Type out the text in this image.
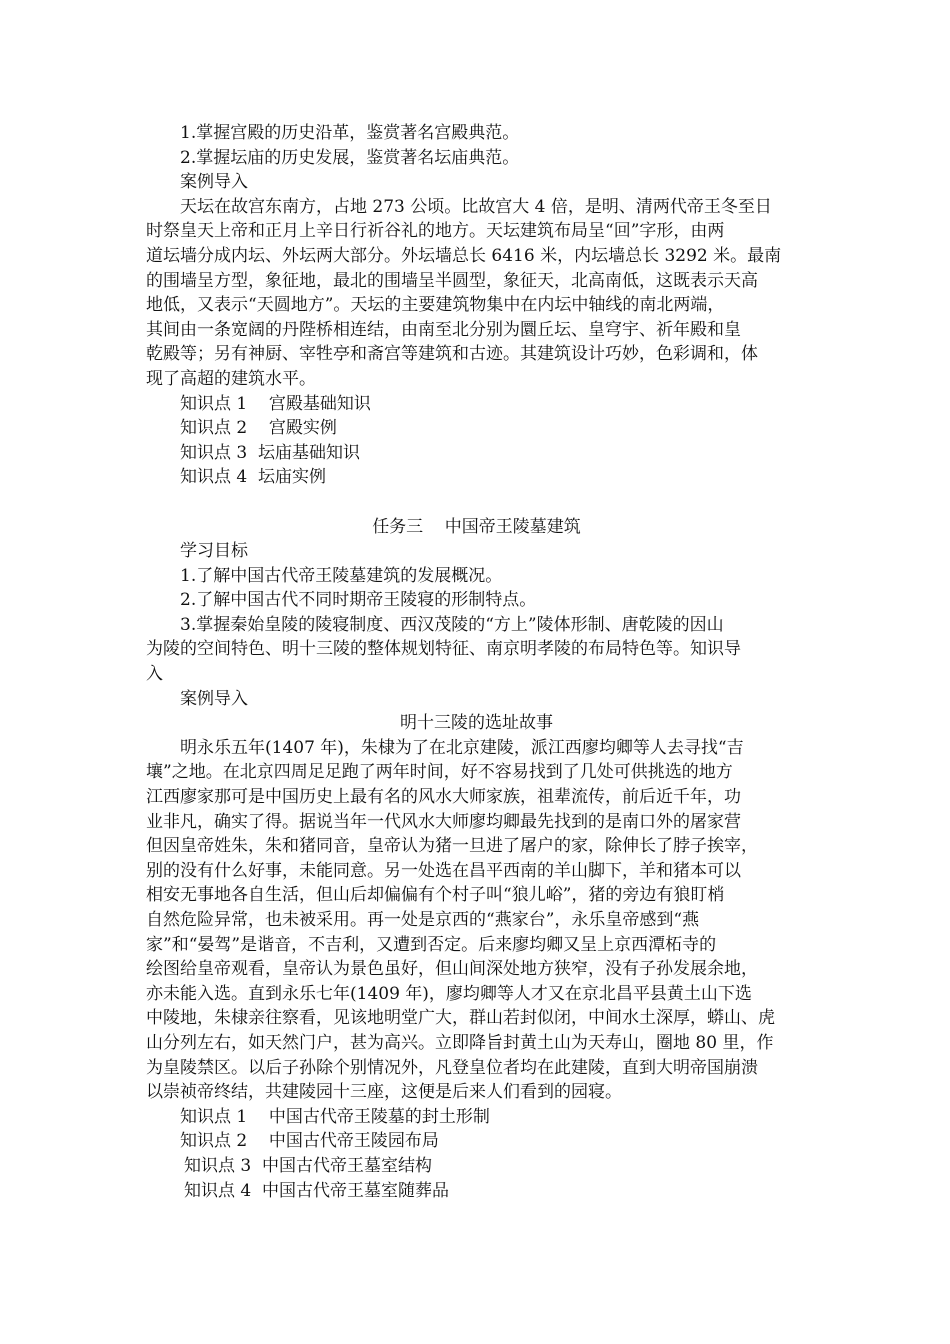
1.掌握宫殿的历史沿革，鉴赏著名宫殿典范。
2.掌握坛庙的历史发展，鉴赏著名坛庙典范。
案例导入
天坛在故宫东南方，占地 273 公顷。比故宫大 4 倍，是明、清两代帝王冬至日
时祭皇天上帝和正月上辛日行祈谷礼的地方。天坛建筑布局呈“回”字形，由两
道坛墙分成内坛、外坛两大部分。外坛墙总长 6416 米，内坛墙总长 3292 米。最南
的围墙呈方型，象征地，最北的围墙呈半圆型，象征天，北高南低，这既表示天高
地低，又表示“天圆地方”。天坛的主要建筑物集中在内坛中轴线的南北两端，
其间由一条宽阔的丹陛桥相连结，由南至北分别为圜丘坛、皇穹宇、祈年殿和皇
乾殿等；另有神厨、宰牲亭和斋宫等建筑和古迹。其建筑设计巧妙，色彩调和，体
现了高超的建筑水平。
知识点 1    宫殿基础知识
知识点 2    宫殿实例
知识点 3  坛庙基础知识
知识点 4  坛庙实例
任务三    中国帝王陵墓建筑
学习目标
1.了解中国古代帝王陵墓建筑的发展概况。
2.了解中国古代不同时期帝王陵寝的形制特点。
3.掌握秦始皇陵的陵寝制度、西汉茂陵的“方上”陵体形制、唐乾陵的因山
为陵的空间特色、明十三陵的整体规划特征、南京明孝陵的布局特色等。知识导
入
案例导入
明十三陵的选址故事
明永乐五年(1407 年)，朱棣为了在北京建陵，派江西廖均卿等人去寻找“吉
壤”之地。在北京四周足足跑了两年时间，好不容易找到了几处可供挑选的地方
江西廖家那可是中国历史上最有名的风水大师家族，祖辈流传，前后近千年，功
业非凡，确实了得。据说当年一代风水大师廖均卿最先找到的是南口外的屠家营
但因皇帝姓朱，朱和猪同音，皇帝认为猪一旦进了屠户的家，除伸长了脖子挨宰，
别的没有什么好事，未能同意。另一处选在昌平西南的羊山脚下，羊和猪本可以
相安无事地各自生活，但山后却偏偏有个村子叫“狼儿峪”，猪的旁边有狼盯梢
自然危险异常，也未被采用。再一处是京西的“燕家台”，永乐皇帝感到“燕
家”和“晏驾”是谐音，不吉利，又遭到否定。后来廖均卿又呈上京西潭柘寺的
绘图给皇帝观看，皇帝认为景色虽好，但山间深处地方狭窄，没有子孙发展余地，
亦未能入选。直到永乐七年(1409 年)，廖均卿等人才又在京北昌平县黄土山下选
中陵地，朱棣亲往察看，见该地明堂广大，群山若封似闭，中间水土深厚，蟒山、虎
山分列左右，如天然门户，甚为高兴。立即降旨封黄土山为天寿山，圈地 80 里，作
为皇陵禁区。以后子孙除个别情况外，凡登皇位者均在此建陵，直到大明帝国崩溃
以崇祯帝终结，共建陵园十三座，这便是后来人们看到的园寝。
知识点 1    中国古代帝王陵墓的封土形制
知识点 2    中国古代帝王陵园布局
知识点 3  中国古代帝王墓室结构
知识点 4  中国古代帝王墓室随葬品
